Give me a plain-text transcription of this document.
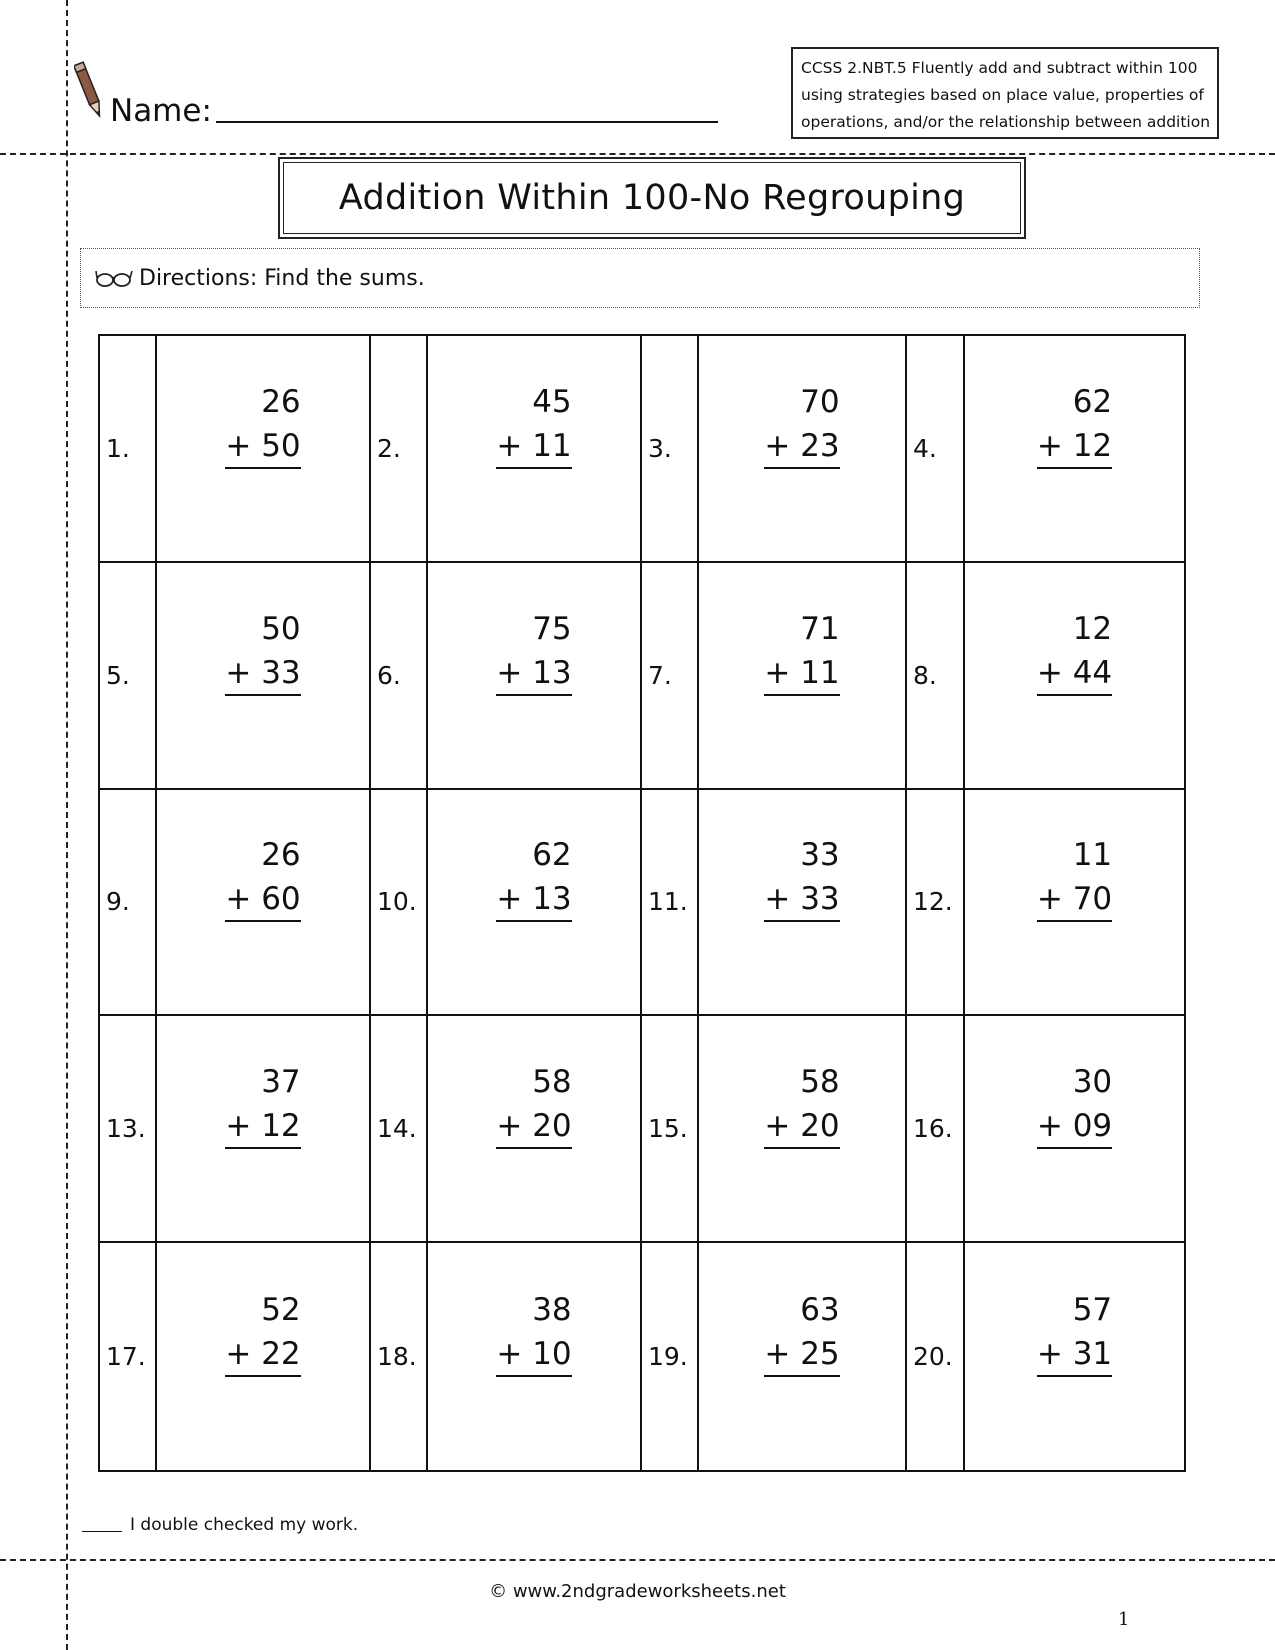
Name:
CCSS 2.NBT.5 Fluently add and subtract within 100
using strategies based on place value, properties of
operations, and/or the relationship between addition
Addition Within 100-No Regrouping
Directions: Find the sums.
1.
26
+ 50	2.
45
+ 11	3.
70
+ 23	4.
62
+ 12
5.
50
+ 33	6.
75
+ 13	7.
71
+ 11	8.
12
+ 44
9.
26
+ 60	10.
62
+ 13	11.
33
+ 33	12.
11
+ 70
13.
37
+ 12	14.
58
+ 20	15.
58
+ 20	16.
30
+ 09
17.
52
+ 22	18.
38
+ 10	19.
63
+ 25	20.
57
+ 31
I double checked my work.
© www.2ndgradeworksheets.net
1
